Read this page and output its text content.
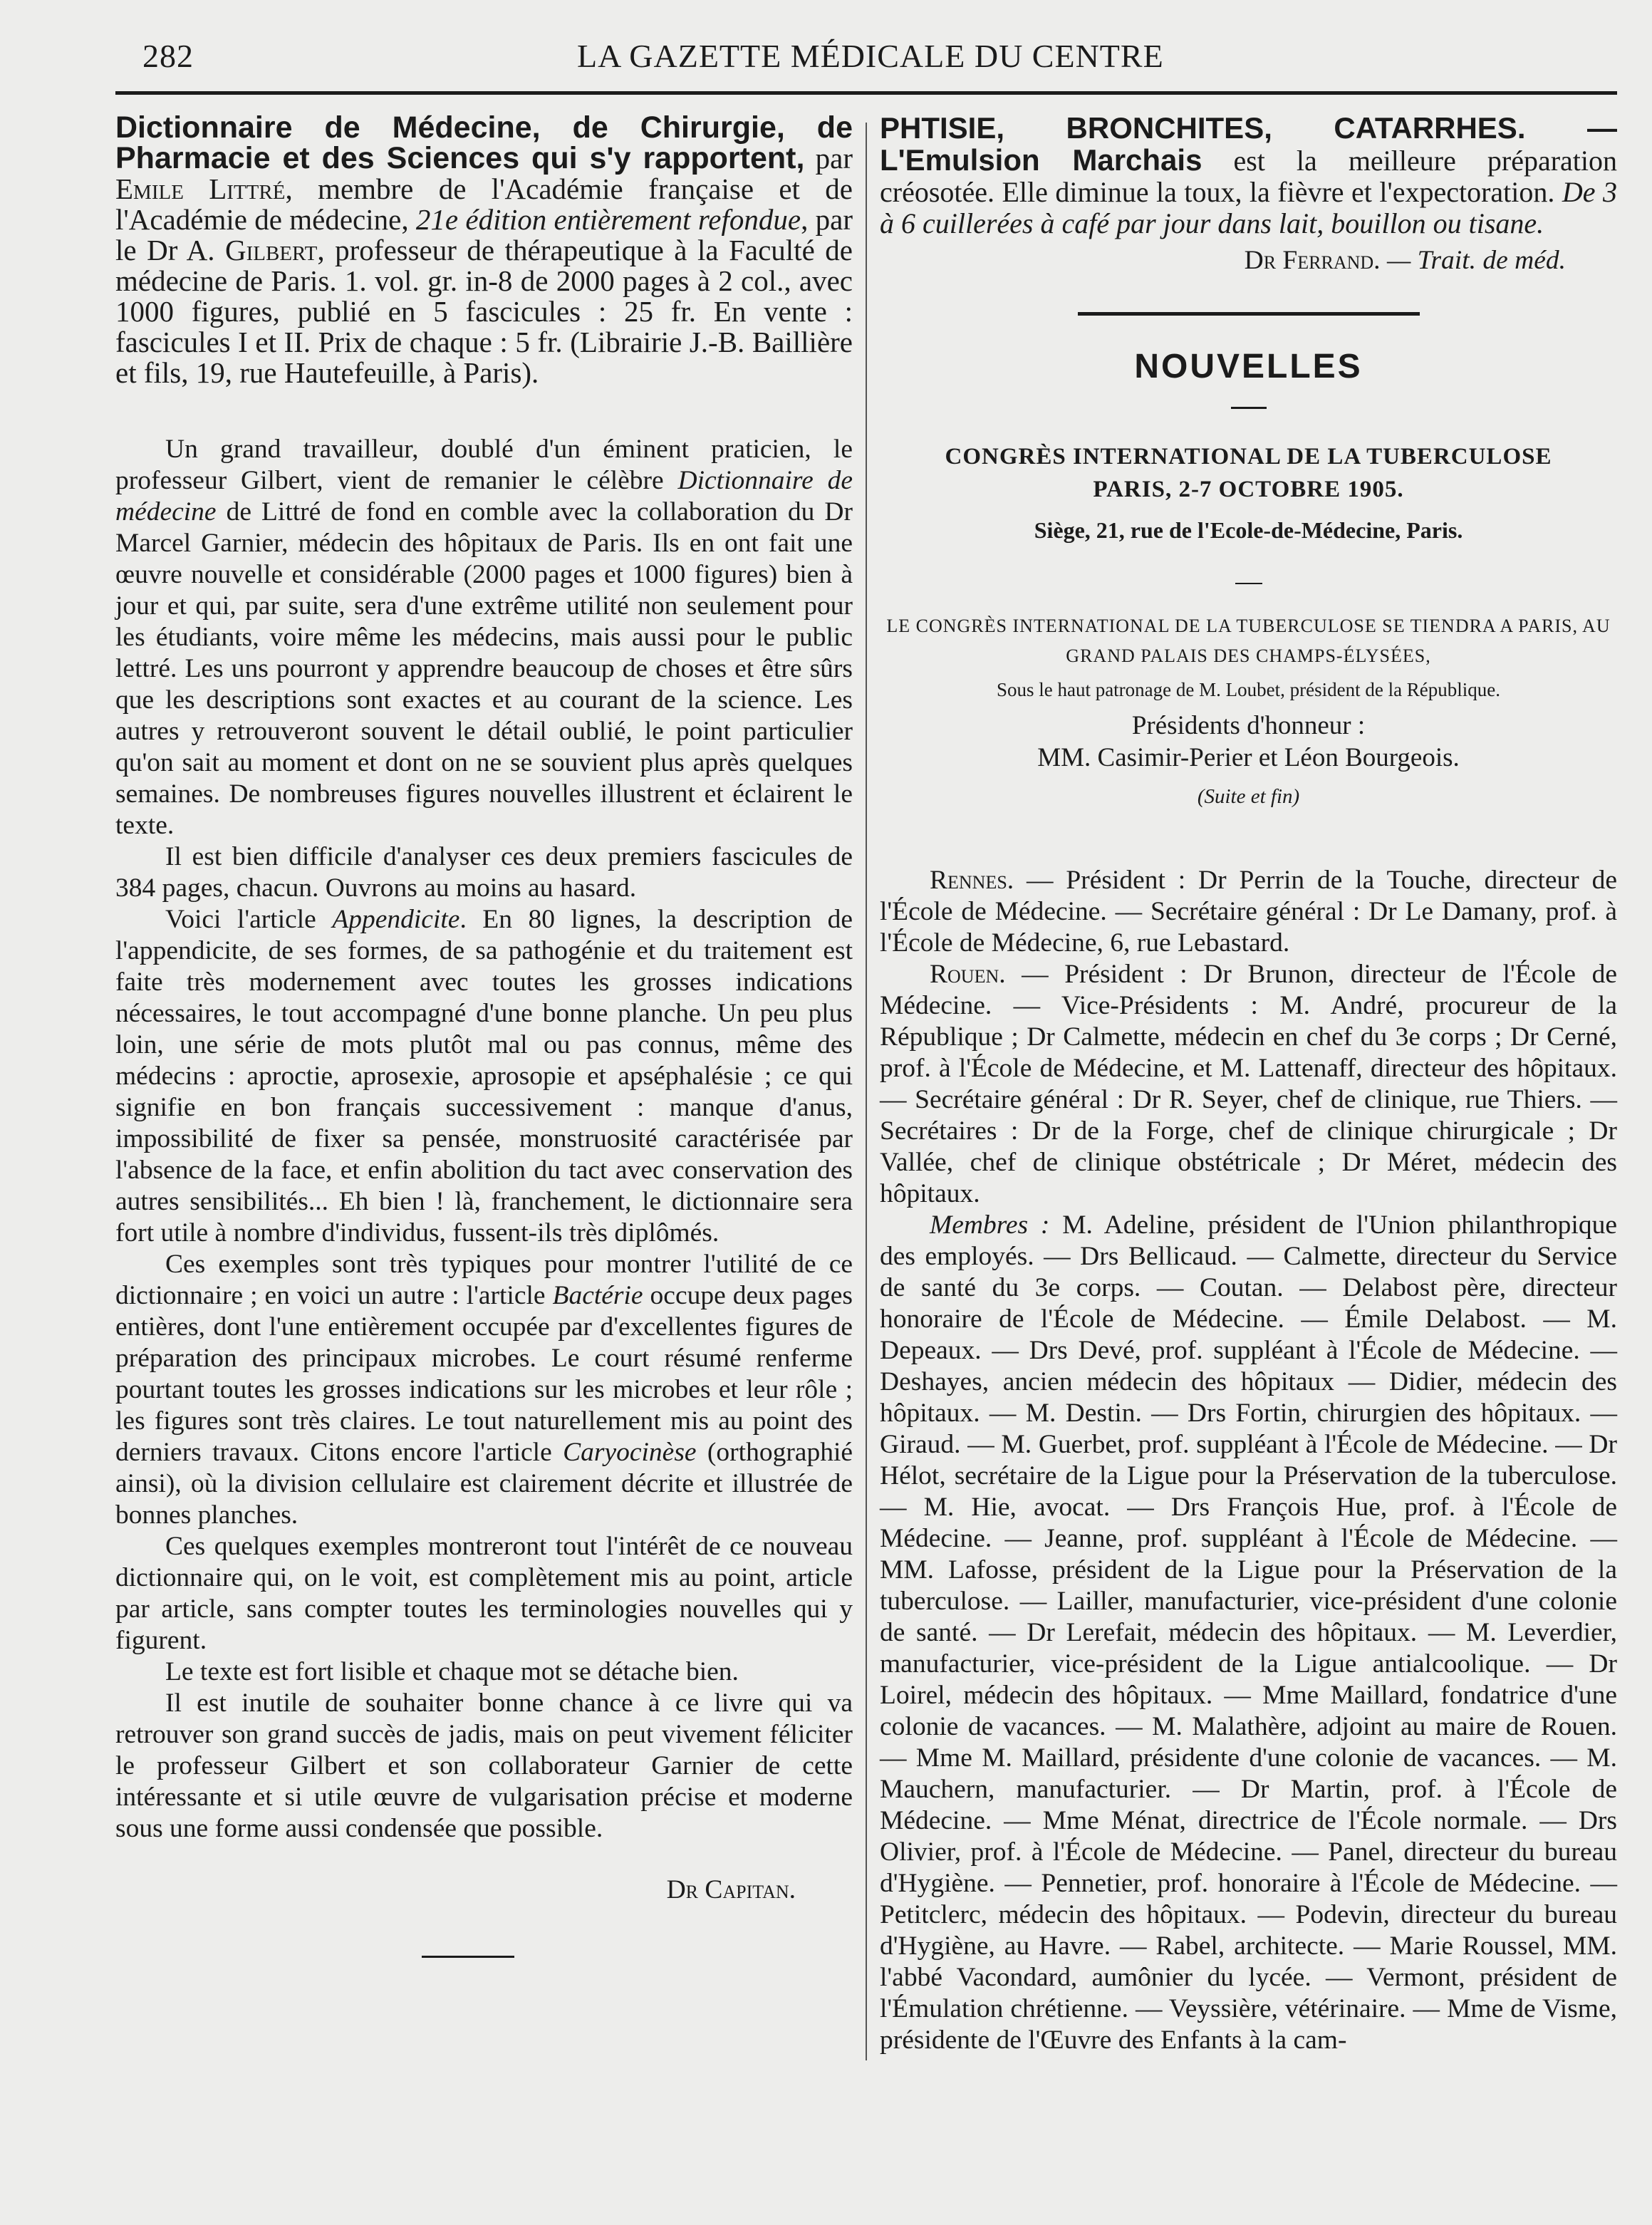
282	LA GAZETTE MÉDICALE DU CENTRE

Dictionnaire de Médecine, de Chirurgie, de Pharmacie et des Sciences qui s'y rapportent, par Emile Littré, membre de l'Académie française et de l'Académie de médecine, 21e édition entièrement refondue, par le Dr A. Gilbert, professeur de thérapeutique à la Faculté de médecine de Paris. 1. vol. gr. in-8 de 2000 pages à 2 col., avec 1000 figures, publié en 5 fascicules : 25 fr. En vente : fascicules I et II. Prix de chaque : 5 fr. (Librairie J.-B. Baillière et fils, 19, rue Hautefeuille, à Paris).

Un grand travailleur, doublé d'un éminent praticien, le professeur Gilbert, vient de remanier le célèbre Dictionnaire de médecine de Littré de fond en comble avec la collaboration du Dr Marcel Garnier, médecin des hôpitaux de Paris. Ils en ont fait une œuvre nouvelle et considérable (2000 pages et 1000 figures) bien à jour et qui, par suite, sera d'une extrême utilité non seulement pour les étudiants, voire même les médecins, mais aussi pour le public lettré. Les uns pourront y apprendre beaucoup de choses et être sûrs que les descriptions sont exactes et au courant de la science. Les autres y retrouveront souvent le détail oublié, le point particulier qu'on sait au moment et dont on ne se souvient plus après quelques semaines. De nombreuses figures nouvelles illustrent et éclairent le texte.

Il est bien difficile d'analyser ces deux premiers fascicules de 384 pages, chacun. Ouvrons au moins au hasard.

Voici l'article Appendicite. En 80 lignes, la description de l'appendicite, de ses formes, de sa pathogénie et du traitement est faite très modernement avec toutes les grosses indications nécessaires, le tout accompagné d'une bonne planche. Un peu plus loin, une série de mots plutôt mal ou pas connus, même des médecins : aproctie, aprosexie, aprosopie et apséphalésie ; ce qui signifie en bon français successivement : manque d'anus, impossibilité de fixer sa pensée, monstruosité caractérisée par l'absence de la face, et enfin abolition du tact avec conservation des autres sensibilités... Eh bien ! là, franchement, le dictionnaire sera fort utile à nombre d'individus, fussent-ils très diplômés.

Ces exemples sont très typiques pour montrer l'utilité de ce dictionnaire ; en voici un autre : l'article Bactérie occupe deux pages entières, dont l'une entièrement occupée par d'excellentes figures de préparation des principaux microbes. Le court résumé renferme pourtant toutes les grosses indications sur les microbes et leur rôle ; les figures sont très claires. Le tout naturellement mis au point des derniers travaux. Citons encore l'article Caryocinèse (orthographié ainsi), où la division cellulaire est clairement décrite et illustrée de bonnes planches.

Ces quelques exemples montreront tout l'intérêt de ce nouveau dictionnaire qui, on le voit, est complètement mis au point, article par article, sans compter toutes les terminologies nouvelles qui y figurent.

Le texte est fort lisible et chaque mot se détache bien.

Il est inutile de souhaiter bonne chance à ce livre qui va retrouver son grand succès de jadis, mais on peut vivement féliciter le professeur Gilbert et son collaborateur Garnier de cette intéressante et si utile œuvre de vulgarisation précise et moderne sous une forme aussi condensée que possible.

Dr Capitan.

PHTISIE, BRONCHITES, CATARRHES. — L'Emulsion Marchais est la meilleure préparation créosotée. Elle diminue la toux, la fièvre et l'expectoration. De 3 à 6 cuillerées à café par jour dans lait, bouillon ou tisane.

Dr Ferrand. — Trait. de méd.

NOUVELLES
CONGRÈS INTERNATIONAL DE LA TUBERCULOSE
PARIS, 2-7 OCTOBRE 1905.
Siège, 21, rue de l'Ecole-de-Médecine, Paris.
LE CONGRÈS INTERNATIONAL DE LA TUBERCULOSE SE TIENDRA A PARIS, AU GRAND PALAIS DES CHAMPS-ÉLYSÉES,
Sous le haut patronage de M. Loubet, président de la République.
Présidents d'honneur :
MM. Casimir-Perier et Léon Bourgeois.
(Suite et fin)

Rennes. — Président : Dr Perrin de la Touche, directeur de l'École de Médecine. — Secrétaire général : Dr Le Damany, prof. à l'École de Médecine, 6, rue Lebastard.

Rouen. — Président : Dr Brunon, directeur de l'École de Médecine. — Vice-Présidents : M. André, procureur de la République ; Dr Calmette, médecin en chef du 3e corps ; Dr Cerné, prof. à l'École de Médecine, et M. Lattenaff, directeur des hôpitaux. — Secrétaire général : Dr R. Seyer, chef de clinique, rue Thiers. — Secrétaires : Dr de la Forge, chef de clinique chirurgicale ; Dr Vallée, chef de clinique obstétricale ; Dr Méret, médecin des hôpitaux.

Membres : M. Adeline, président de l'Union philanthropique des employés. — Drs Bellicaud. — Calmette, directeur du Service de santé du 3e corps. — Coutan. — Delabost père, directeur honoraire de l'École de Médecine. — Émile Delabost. — M. Depeaux. — Drs Devé, prof. suppléant à l'École de Médecine. — Deshayes, ancien médecin des hôpitaux — Didier, médecin des hôpitaux. — M. Destin. — Drs Fortin, chirurgien des hôpitaux. — Giraud. — M. Guerbet, prof. suppléant à l'École de Médecine. — Dr Hélot, secrétaire de la Ligue pour la Préservation de la tuberculose. — M. Hie, avocat. — Drs François Hue, prof. à l'École de Médecine. — Jeanne, prof. suppléant à l'École de Médecine. — MM. Lafosse, président de la Ligue pour la Préservation de la tuberculose. — Lailler, manufacturier, vice-président d'une colonie de santé. — Dr Lerefait, médecin des hôpitaux. — M. Leverdier, manufacturier, vice-président de la Ligue antialcoolique. — Dr Loirel, médecin des hôpitaux. — Mme Maillard, fondatrice d'une colonie de vacances. — M. Malathère, adjoint au maire de Rouen. — Mme M. Maillard, présidente d'une colonie de vacances. — M. Mauchern, manufacturier. — Dr Martin, prof. à l'École de Médecine. — Mme Ménat, directrice de l'École normale. — Drs Olivier, prof. à l'École de Médecine. — Panel, directeur du bureau d'Hygiène. — Pennetier, prof. honoraire à l'École de Médecine. — Petitclerc, médecin des hôpitaux. — Podevin, directeur du bureau d'Hygiène, au Havre. — Rabel, architecte. — Marie Roussel, MM. l'abbé Vacondard, aumônier du lycée. — Vermont, président de l'Émulation chrétienne. — Veyssière, vétérinaire. — Mme de Visme, présidente de l'Œuvre des Enfants à la cam-
